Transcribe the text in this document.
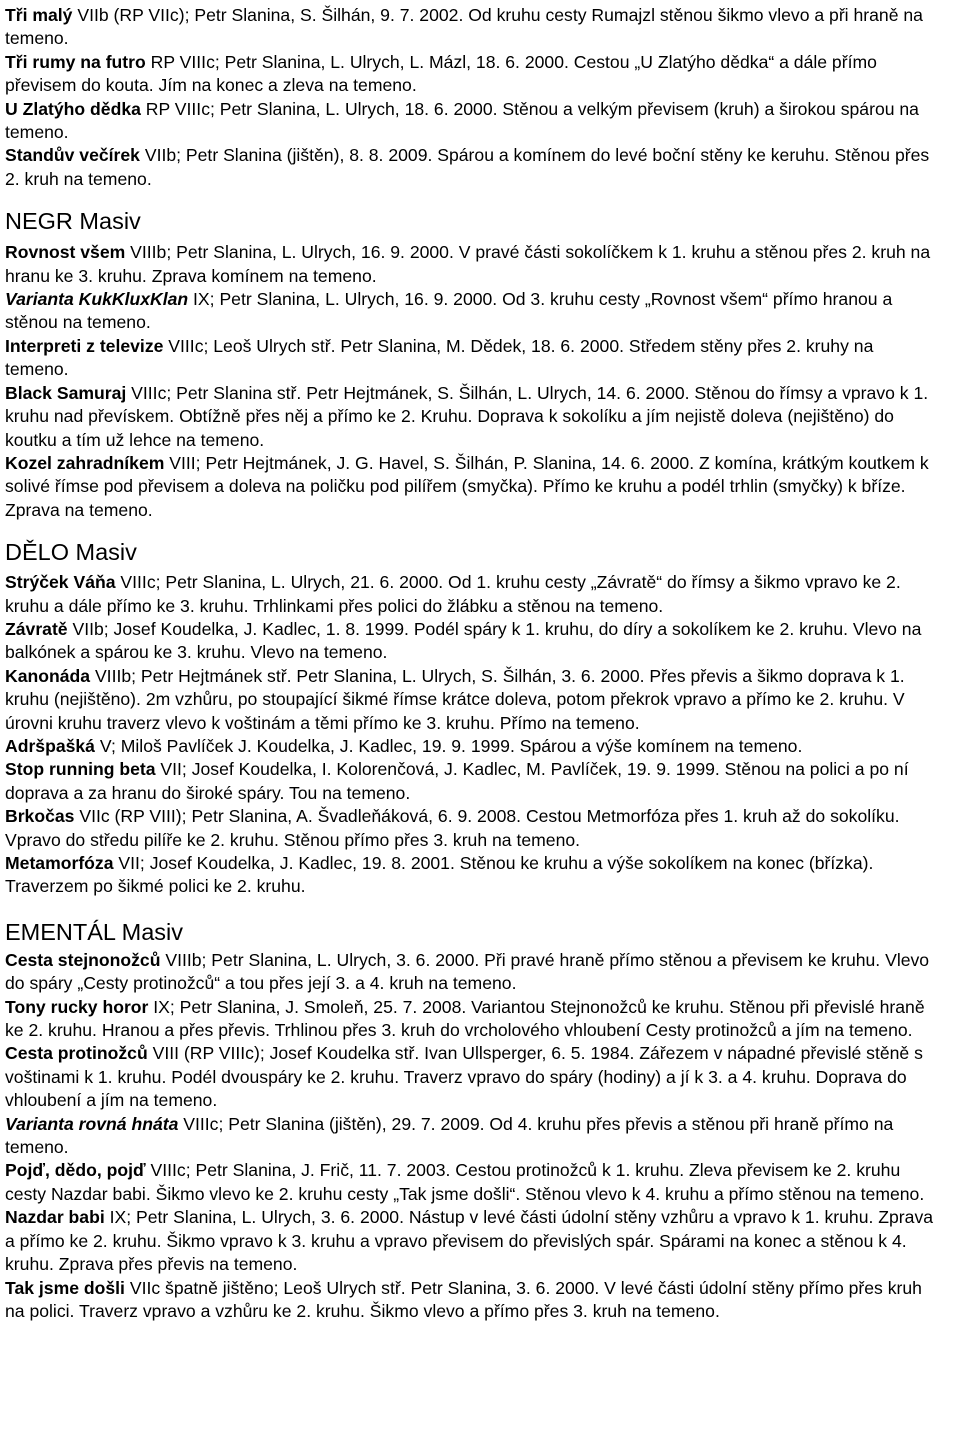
Tři malý VIIb (RP VIIc); Petr Slanina, S. Šilhán, 9. 7. 2002. Od kruhu cesty Rumajzl stěnou šikmo vlevo a při hraně na temeno.

Tři rumy na futro RP VIIIc; Petr Slanina, L. Ulrych, L. Mázl, 18. 6. 2000. Cestou „U Zlatýho dědka“ a dále přímo převisem do kouta. Jím na konec a zleva na temeno.

U Zlatýho dědka RP VIIIc; Petr Slanina, L. Ulrych, 18. 6. 2000. Stěnou a velkým převisem (kruh) a širokou spárou na temeno.

Standův večírek VIIb; Petr Slanina (jištěn), 8. 8. 2009. Spárou a komínem do levé boční stěny ke keruhu. Stěnou přes 2. kruh na temeno.

NEGR Masiv

Rovnost všem VIIIb; Petr Slanina, L. Ulrych, 16. 9. 2000. V pravé části sokolíčkem k 1. kruhu a stěnou přes 2. kruh na hranu ke 3. kruhu. Zprava komínem na temeno.

Varianta KukKluxKlan IX; Petr Slanina, L. Ulrych, 16. 9. 2000. Od 3. kruhu cesty „Rovnost všem“ přímo hranou a stěnou na temeno.

Interpreti z televize VIIIc; Leoš Ulrych stř. Petr Slanina, M. Dědek, 18. 6. 2000. Středem stěny přes 2. kruhy na temeno.

Black Samuraj VIIIc; Petr Slanina stř. Petr Hejtmánek, S. Šilhán, L. Ulrych, 14. 6. 2000. Stěnou do římsy a vpravo k 1. kruhu nad převískem. Obtížně přes něj a přímo ke 2. Kruhu. Doprava k sokolíku a jím nejistě doleva (nejištěno) do koutku a tím už lehce na temeno.

Kozel zahradníkem VIII; Petr Hejtmánek, J. G. Havel, S. Šilhán, P. Slanina, 14. 6. 2000. Z komína, krátkým koutkem k solivé římse pod převisem a doleva na poličku pod pilířem (smyčka). Přímo ke kruhu a podél trhlin (smyčky) k bříze. Zprava na temeno.

DĚLO Masiv

Strýček Váňa VIIIc; Petr Slanina, L. Ulrych, 21. 6. 2000. Od 1. kruhu cesty „Závratě“ do římsy a šikmo vpravo ke 2. kruhu a dále přímo ke 3. kruhu. Trhlinkami přes polici do žlábku a stěnou na temeno.

Závratě VIIb; Josef Koudelka, J. Kadlec, 1. 8. 1999. Podél spáry k 1. kruhu, do díry a sokolíkem ke 2. kruhu. Vlevo na balkónek a spárou ke 3. kruhu. Vlevo na temeno.

Kanonáda VIIIb; Petr Hejtmánek stř. Petr Slanina, L. Ulrych, S. Šilhán, 3. 6. 2000. Přes převis a šikmo doprava k 1. kruhu (nejištěno). 2m vzhůru, po stoupající šikmé římse krátce doleva, potom překrok vpravo a přímo ke 2. kruhu. V úrovni kruhu traverz vlevo k voštinám a těmi přímo ke 3. kruhu. Přímo na temeno.

Adršpašká V; Miloš Pavlíček J. Koudelka, J. Kadlec, 19. 9. 1999. Spárou a výše komínem na temeno.

Stop running beta VII; Josef Koudelka, I. Kolorenčová, J. Kadlec, M. Pavlíček, 19. 9. 1999. Stěnou na polici a po ní doprava a za hranu do široké spáry. Tou na temeno.

Brkočas VIIc (RP VIII); Petr Slanina, A. Švadleňáková, 6. 9. 2008. Cestou Metmorfóza přes 1. kruh až do sokolíku. Vpravo do středu pilíře ke 2. kruhu. Stěnou přímo přes 3. kruh na temeno.

Metamorfóza VII; Josef Koudelka, J. Kadlec, 19. 8. 2001. Stěnou ke kruhu a výše sokolíkem na konec (břízka). Traverzem po šikmé polici ke 2. kruhu.

EMENTÁL Masiv

Cesta stejnonožců VIIIb; Petr Slanina, L. Ulrych, 3. 6. 2000. Při pravé hraně přímo stěnou a převisem ke kruhu. Vlevo do spáry „Cesty protinožců“ a tou přes její 3. a 4. kruh na temeno.

Tony rucky horor IX; Petr Slanina, J. Smoleň, 25. 7. 2008. Variantou Stejnonožců ke kruhu. Stěnou při převislé hraně ke 2. kruhu. Hranou a přes převis. Trhlinou přes 3. kruh do vrcholového vhloubení Cesty protinožců a jím na temeno.

Cesta protinožců VIII (RP VIIIc); Josef Koudelka stř. Ivan Ullsperger, 6. 5. 1984. Zářezem v nápadné převislé stěně s voštinami k 1. kruhu. Podél dvouspáry ke 2. kruhu. Traverz vpravo do spáry (hodiny) a jí k 3. a 4. kruhu. Doprava do vhloubení a jím na temeno.

Varianta rovná hnáta VIIIc; Petr Slanina (jištěn), 29. 7. 2009. Od 4. kruhu přes převis a stěnou při hraně přímo na temeno.

Pojď, dědo, pojď VIIIc; Petr Slanina, J. Frič, 11. 7. 2003. Cestou protinožců k 1. kruhu. Zleva převisem ke 2. kruhu cesty Nazdar babi. Šikmo vlevo ke 2. kruhu cesty „Tak jsme došli“. Stěnou vlevo k 4. kruhu a přímo stěnou na temeno.

Nazdar babi IX; Petr Slanina, L. Ulrych, 3. 6. 2000. Nástup v levé části údolní stěny vzhůru a vpravo k 1. kruhu. Zprava a přímo ke 2. kruhu. Šikmo vpravo k 3. kruhu a vpravo převisem do převislých spár. Spárami na konec a stěnou k 4. kruhu. Zprava přes převis na temeno.

Tak jsme došli VIIc špatně jištěno; Leoš Ulrych stř. Petr Slanina, 3. 6. 2000. V levé části údolní stěny přímo přes kruh na polici. Traverz vpravo a vzhůru ke 2. kruhu. Šikmo vlevo a přímo přes 3. kruh na temeno.
